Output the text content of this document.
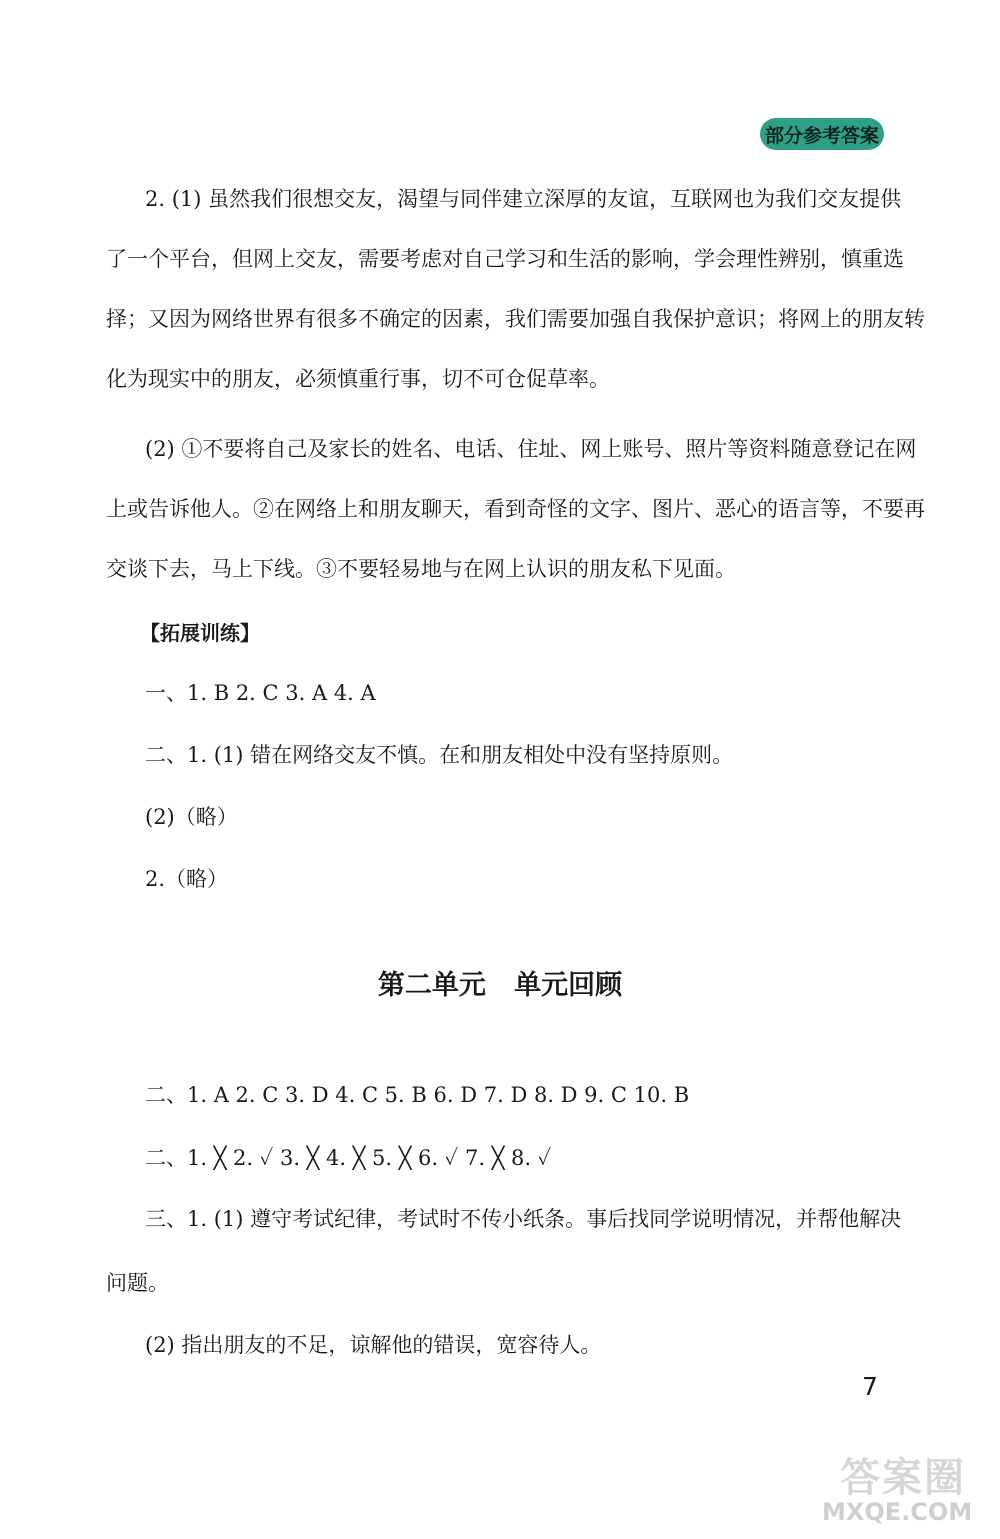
部分参考答案
2. (1) 虽然我们很想交友，渴望与同伴建立深厚的友谊，互联网也为我们交友提供
了一个平台，但网上交友，需要考虑对自己学习和生活的影响，学会理性辨别，慎重选
择；又因为网络世界有很多不确定的因素，我们需要加强自我保护意识；将网上的朋友转
化为现实中的朋友，必须慎重行事，切不可仓促草率。
(2) ①不要将自己及家长的姓名、电话、住址、网上账号、照片等资料随意登记在网
上或告诉他人。②在网络上和朋友聊天，看到奇怪的文字、图片、恶心的语言等，不要再
交谈下去，马上下线。③不要轻易地与在网上认识的朋友私下见面。
【拓展训练】
一、1. B 2. C 3. A 4. A
二、1. (1) 错在网络交友不慎。在和朋友相处中没有坚持原则。
(2)（略）
2.（略）
第二单元   单元回顾
二、1. A 2. C 3. D 4. C 5. B 6. D 7. D 8. D 9. C 10. B
二、1. ╳ 2. ✓ 3. ╳ 4. ╳ 5. ╳ 6. ✓ 7. ╳ 8. ✓
三、1. (1) 遵守考试纪律，考试时不传小纸条。事后找同学说明情况，并帮他解决
问题。
(2) 指出朋友的不足，谅解他的错误，宽容待人。
7
答案圈
MXQE.COM
